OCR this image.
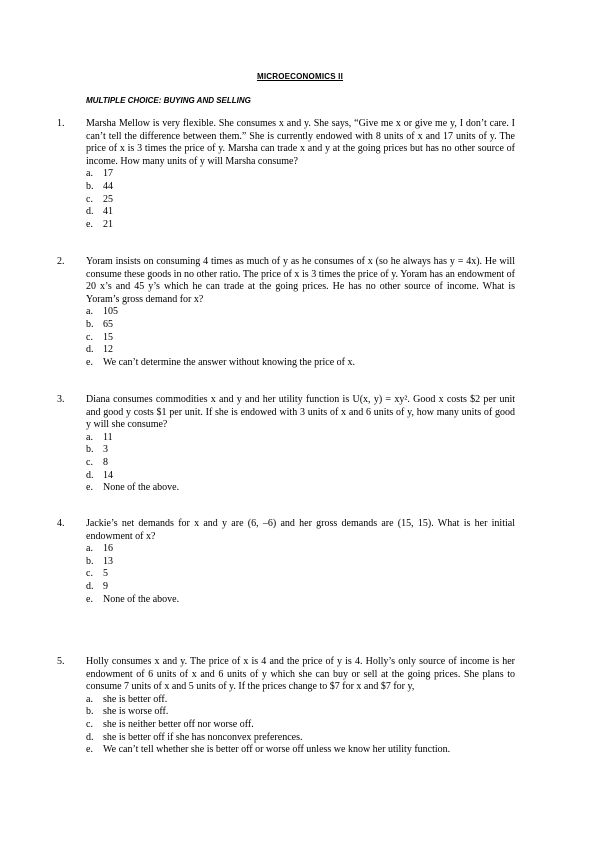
MICROECONOMICS II
MULTIPLE CHOICE: BUYING AND SELLING
1. Marsha Mellow is very flexible. She consumes x and y. She says, “Give me x or give me y, I don’t care. I can’t tell the difference between them.” She is currently endowed with 8 units of x and 17 units of y. The price of x is 3 times the price of y. Marsha can trade x and y at the going prices but has no other source of income. How many units of y will Marsha consume?
a. 17
b. 44
c. 25
d. 41
e. 21
2. Yoram insists on consuming 4 times as much of y as he consumes of x (so he always has y = 4x). He will consume these goods in no other ratio. The price of x is 3 times the price of y. Yoram has an endowment of 20 x’s and 45 y’s which he can trade at the going prices. He has no other source of income. What is Yoram’s gross demand for x?
a. 105
b. 65
c. 15
d. 12
e. We can’t determine the answer without knowing the price of x.
3. Diana consumes commodities x and y and her utility function is U(x, y) = xy². Good x costs $2 per unit and good y costs $1 per unit. If she is endowed with 3 units of x and 6 units of y, how many units of good y will she consume?
a. 11
b. 3
c. 8
d. 14
e. None of the above.
4. Jackie’s net demands for x and y are (6, –6) and her gross demands are (15, 15). What is her initial endowment of x?
a. 16
b. 13
c. 5
d. 9
e. None of the above.
5. Holly consumes x and y. The price of x is 4 and the price of y is 4. Holly’s only source of income is her endowment of 6 units of x and 6 units of y which she can buy or sell at the going prices. She plans to consume 7 units of x and 5 units of y. If the prices change to $7 for x and $7 for y,
a. she is better off.
b. she is worse off.
c. she is neither better off nor worse off.
d. she is better off if she has nonconvex preferences.
e. We can’t tell whether she is better off or worse off unless we know her utility function.
